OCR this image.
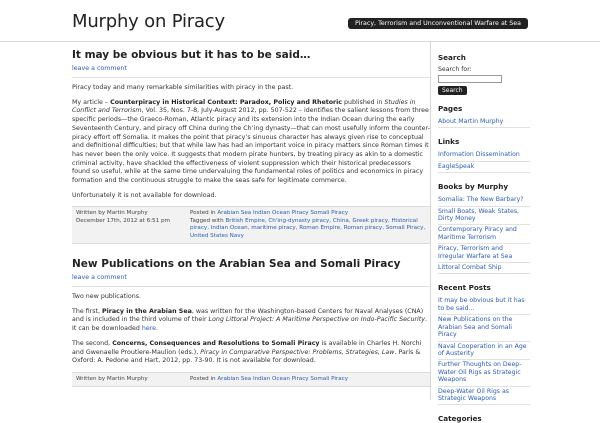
Murphy on Piracy	Piracy, Terrorism and Unconventional Warfare at Sea
It may be obvious but it has to be said…
leave a comment

Piracy today and many remarkable similarities with piracy in the past.

My article – Counterpiracy in Historical Context: Paradox, Policy and Rhetoric published in Studies in Conflict and Terrorism, Vol. 35, Nos. 7-8, July-August 2012, pp. 507-522 – identifies the salient lessons from three specific periods—the Graeco-Roman, Atlantic piracy and its extension into the Indian Ocean during the early Seventeenth Century, and piracy off China during the Ch’ing dynasty—that can most usefully inform the counter-piracy effort off Somalia. It makes the point that piracy’s sinuous character has always given rise to conceptual and definitional difficulties; but that while law has had an important voice in piracy matters since Roman times it has never been the only voice. It suggests that modern pirate hunters, by treating piracy as akin to a domestic criminal activity, have shackled the effectiveness of violent suppression which their historical predecessors found so useful, while at the same time undervaluing the fundamental roles of politics and economics in piracy formation and the continuous struggle to make the seas safe for legitimate commerce.

Unfortunately it is not available for download.

Written by Martin Murphy
December 17th, 2012 at 6:51 pm
Posted in Arabian Sea Indian Ocean Piracy Somali Piracy
Tagged with British Empire, Ch'ing-dynasty piracy, China, Greek piracy, Historical piracy, Indian Ocean, maritime piracy, Roman Empire, Roman piracy, Somali Piracy, United States Navy
New Publications on the Arabian Sea and Somali Piracy
leave a comment

Two new publications.

The first, Piracy in the Arabian Sea, was written for the Washington-based Centers for Naval Analyses (CNA) and is included in the third volume of their Long Littoral Project: A Maritime Perspective on Indo-Pacific Security. It can be downloaded here.

The second, Concerns, Consequences and Resolutions to Somali Piracy is available in Charles H. Norchi and Gwenaelle Proutiere-Maulion (eds.), Piracy in Comparative Perspective: Problems, Strategies, Law. Paris & Oxford: A. Pedone and Hart, 2012, pp. 73-90. It is not available for download.

Written by Martin Murphy	Posted in Arabian Sea Indian Ocean Piracy Somali Piracy
Search
Search for:
Search
Pages
About Martin Murphy
Links
Information Dissemination
EagleSpeak
Books by Murphy
Somalia: The New Barbary?
Small Boats, Weak States, Dirty Money
Contemporary Piracy and Maritime Terrorism
Piracy, Terrorism and Irregular Warfare at Sea
Littoral Combat Ship
Recent Posts
It may be obvious but it has to be said…
New Publications on the Arabian Sea and Somali Piracy
Naval Cooperation in an Age of Austerity
Further Thoughts on Deep-Water Oil Rigs as Strategic Weapons
Deep-Water Oil Rigs as Strategic Weapons
Categories
